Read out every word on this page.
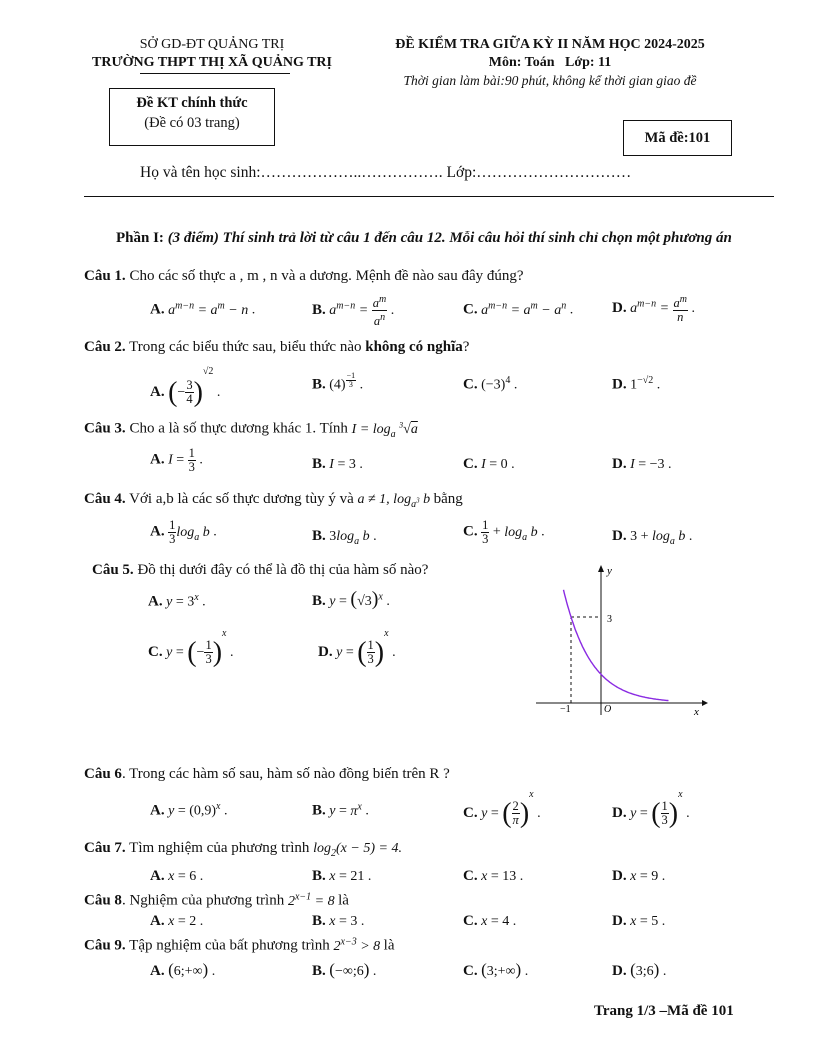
SỞ GD-ĐT QUẢNG TRỊ
TRƯỜNG THPT THỊ XÃ QUẢNG TRỊ
ĐỀ KIỂM TRA GIỮA KỲ II NĂM HỌC 2024-2025
Môn: Toán   Lớp: 11
Thời gian làm bài:90 phút, không kể thời gian giao đề
Đề KT chính thức
(Đề có 03 trang)
Mã đề:101
Họ và tên học sinh:………………..……………. Lớp:…………………………
Phần I: (3 điểm) Thí sinh trả lời từ câu 1 đến câu 12. Mỗi câu hỏi thí sinh chỉ chọn một phương án
Câu 1. Cho các số thực a , m , n và a dương. Mệnh đề nào sau đây đúng?
A. $a^{m-n} = a^m - n$ .	B. $a^{m-n} = \frac{a^m}{a^n}$ .	C. $a^{m-n} = a^m - a^n$ .	D. $a^{m-n} = \frac{a^m}{n}$ .
Câu 2. Trong các biểu thức sau, biểu thức nào không có nghĩa?
A. (− $\frac{3}{4} )^{√2}$ .
B. (4) $^{\frac{-1}{3}}$ .	C. $(-3)^4$ .	D. $1^{-√2}$ .
Câu 3. Cho a là số thực dương khác 1. Tính $I = \log_a ^3√a$
A. $I = \frac{1}{3}$ .	B. I = 3 .	C. I = 0 .	D. I = −3 .
Câu 4. Với a,b là các số thực dương tùy ý và a ≠ 1, $\log_{a^3} b$ bằng
A. $\frac{1}{3} \log_a b$ .	B. $3\log_a$ b .	C. $\frac{1}{3} + \log_a b$ .	D. $3 + \log_a b$ .
Câu 5. Đồ thị dưới đây có thể là đồ thị của hàm số nào?
A. $y = 3^x$ .	B. $y = (√3)^x$ .
C. y = (− $\frac{1}{3} )^x$ .	D. y = ( $\frac{1}{3} )^x$ .
y
x
O
3
−1
Câu 6. Trong các hàm số sau, hàm số nào đồng biến trên R ?
A. $y = (0,9)^x$ .	B. $y = \pi^x$ .	C. y = ( $\frac{2}{\pi} )^x$ .	D. y = ( $\frac{1}{3} )^x$ .
Câu 7. Tìm nghiệm của phương trình $\log_2(x - 5) = 4$.
A. x = 6 .	B. x = 21 .	C. x = 13 .	D. x = 9 .
Câu 8. Nghiệm của phương trình $2^{x-1} = 8$ là
A. x = 2 .	B. x = 3 .	C. x = 4 .	D. x = 5 .
Câu 9. Tập nghiệm của bất phương trình $2^{x-3} > 8$ là
A. (6;+∞) .	B. (−∞;6) .	C. (3;+∞) .	D. (3;6) .
Trang 1/3 –Mã đề 101
